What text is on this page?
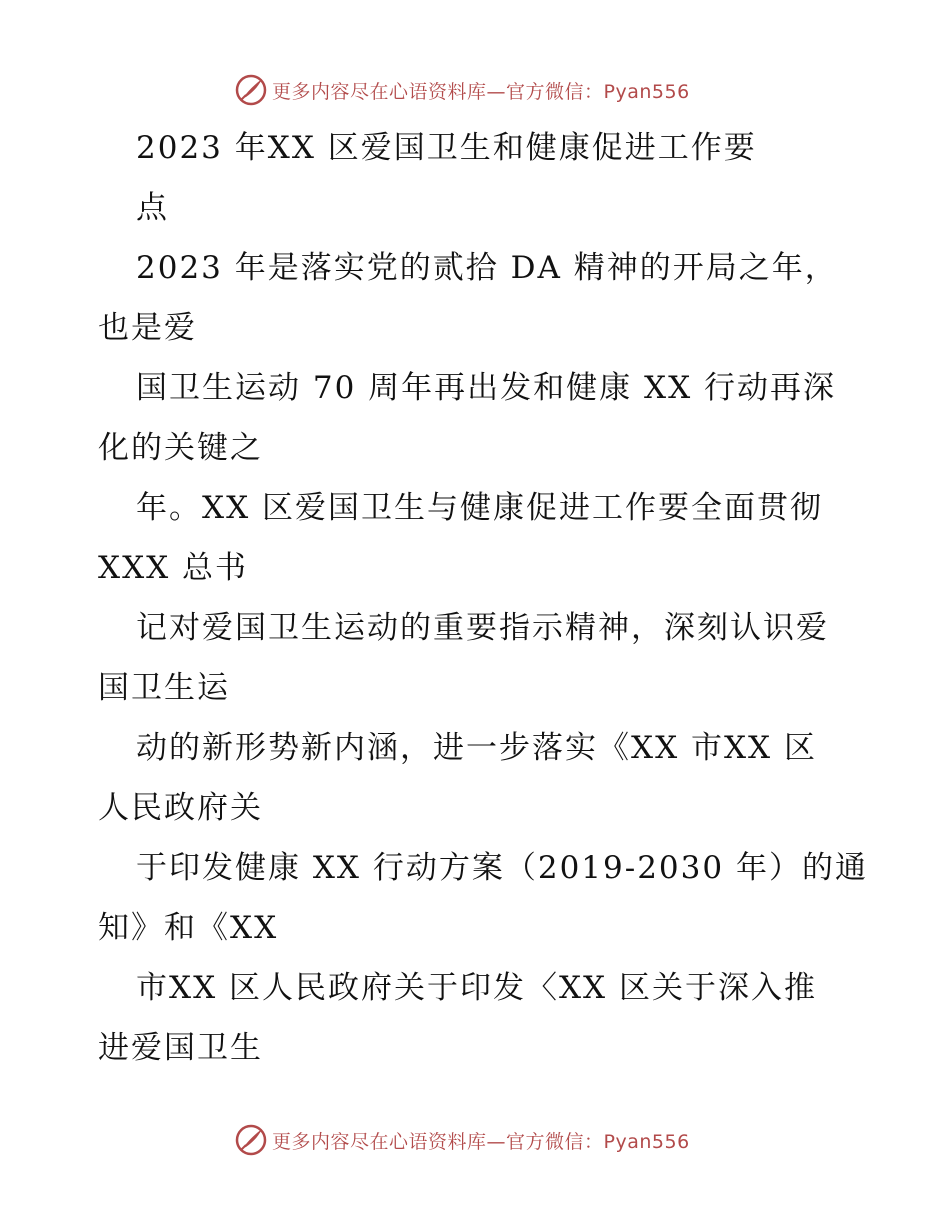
更多内容尽在心语资料库—官方微信：Pyan556
2023 年XX 区爱国卫生和健康促进工作要
点
2023 年是落实党的贰拾 DA 精神的开局之年，
也是爱
国卫生运动 70 周年再出发和健康 XX 行动再深
化的关键之
年。XX 区爱国卫生与健康促进工作要全面贯彻
XXX 总书
记对爱国卫生运动的重要指示精神，深刻认识爱
国卫生运
动的新形势新内涵，进一步落实《XX 市XX 区
人民政府关
于印发健康 XX 行动方案（2019-2030 年）的通
知》和《XX
市XX 区人民政府关于印发〈XX 区关于深入推
进爱国卫生
更多内容尽在心语资料库—官方微信：Pyan556
